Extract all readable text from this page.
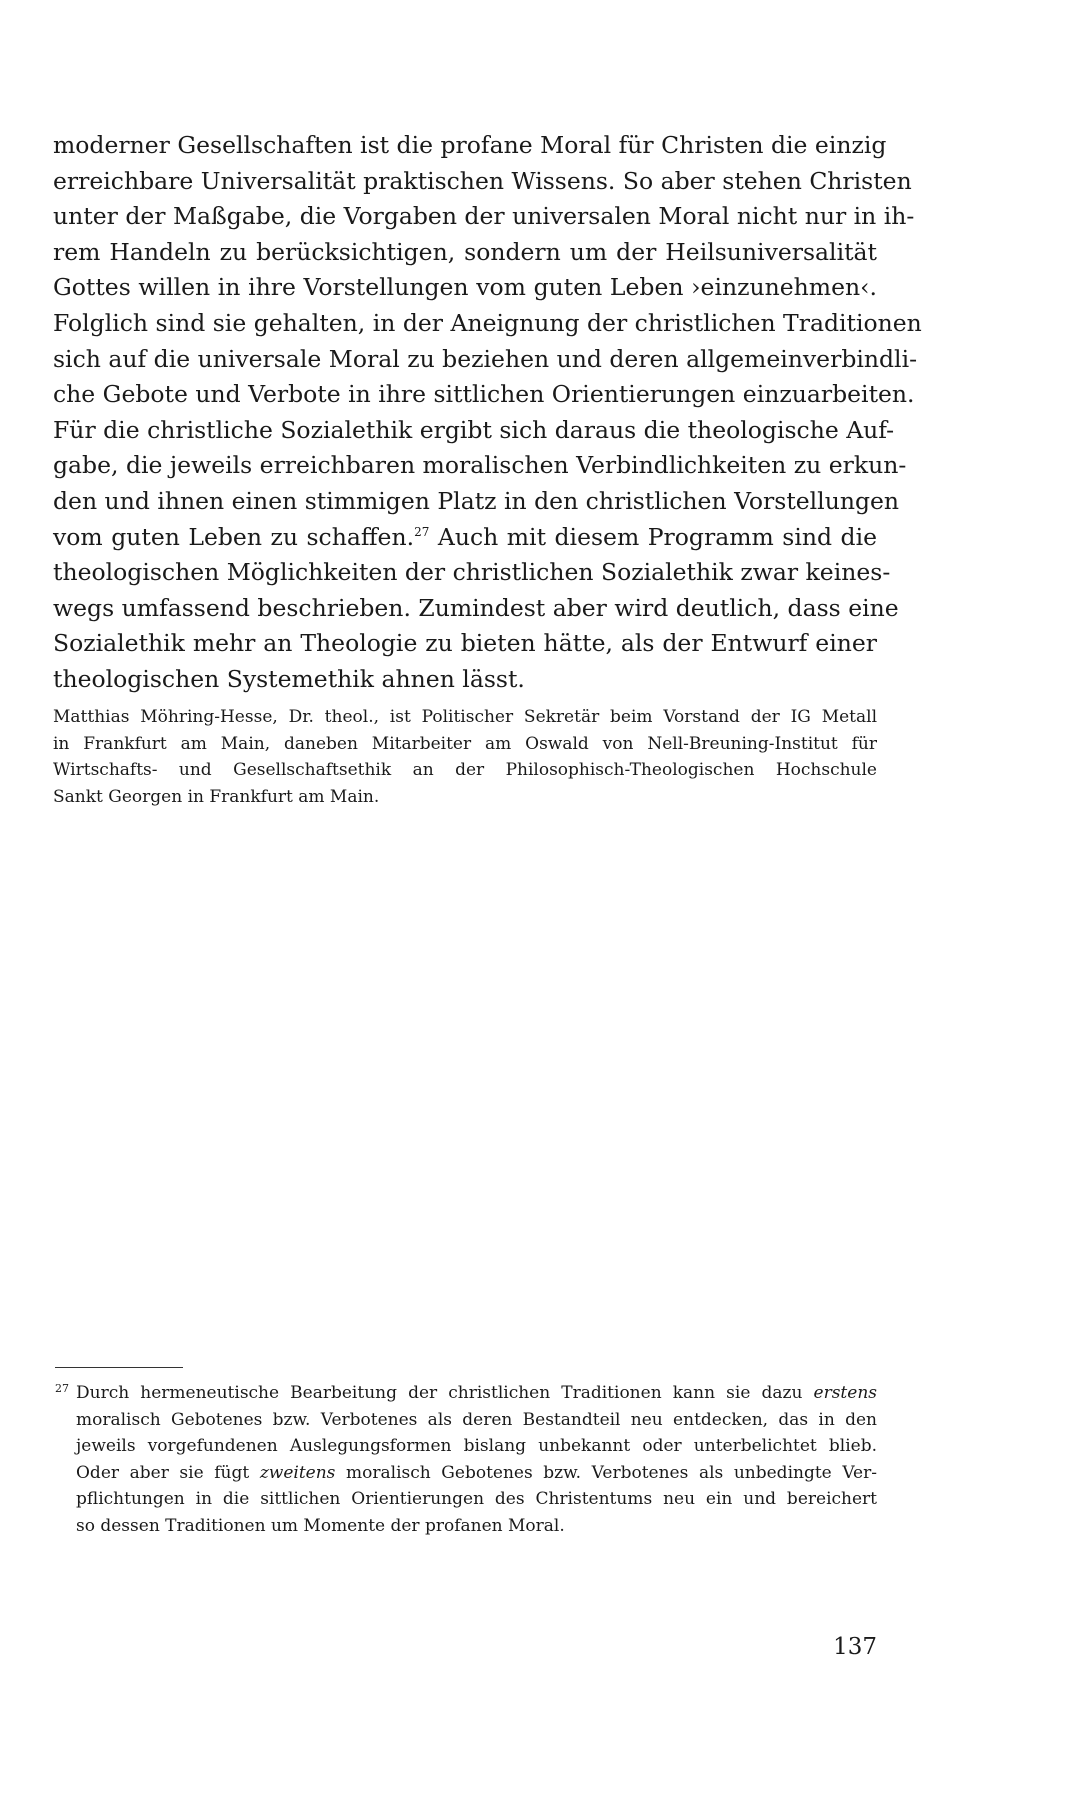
moderner Gesellschaften ist die profane Moral für Christen die einzig
erreichbare Universalität praktischen Wissens. So aber stehen Christen
unter der Maßgabe, die Vorgaben der universalen Moral nicht nur in ih-
rem Handeln zu berücksichtigen, sondern um der Heilsuniversalität
Gottes willen in ihre Vorstellungen vom guten Leben ›einzunehmen‹.
Folglich sind sie gehalten, in der Aneignung der christlichen Traditionen
sich auf die universale Moral zu beziehen und deren allgemeinverbindli-
che Gebote und Verbote in ihre sittlichen Orientierungen einzuarbeiten.
Für die christliche Sozialethik ergibt sich daraus die theologische Auf-
gabe, die jeweils erreichbaren moralischen Verbindlichkeiten zu erkun-
den und ihnen einen stimmigen Platz in den christlichen Vorstellungen
vom guten Leben zu schaffen.$^{27}$ Auch mit diesem Programm sind die
theologischen Möglichkeiten der christlichen Sozialethik zwar keines-
wegs umfassend beschrieben. Zumindest aber wird deutlich, dass eine
Sozialethik mehr an Theologie zu bieten hätte, als der Entwurf einer
theologischen Systemethik ahnen lässt.
Matthias Möhring-Hesse, Dr. theol., ist Politischer Sekretär beim Vorstand der IG Metall
in Frankfurt am Main, daneben Mitarbeiter am Oswald von Nell-Breuning-Institut für
Wirtschafts- und Gesellschaftsethik an der Philosophisch-Theologischen Hochschule
Sankt Georgen in Frankfurt am Main.
27 Durch hermeneutische Bearbeitung der christlichen Traditionen kann sie dazu erstens
moralisch Gebotenes bzw. Verbotenes als deren Bestandteil neu entdecken, das in den
jeweils vorgefundenen Auslegungsformen bislang unbekannt oder unterbelichtet blieb.
Oder aber sie fügt zweitens moralisch Gebotenes bzw. Verbotenes als unbedingte Ver-
pflichtungen in die sittlichen Orientierungen des Christentums neu ein und bereichert
so dessen Traditionen um Momente der profanen Moral.
137
